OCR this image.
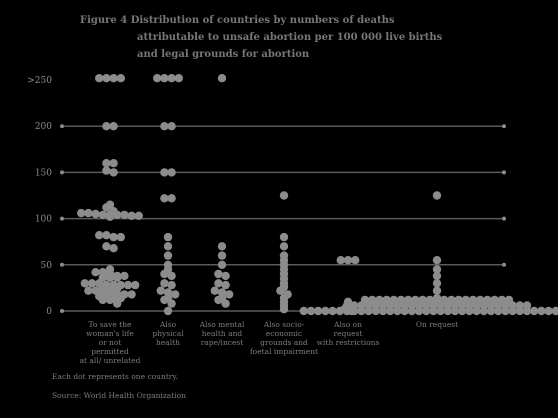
Figure 4 Distribution of countries by numbers of deaths
attributable to unsafe abortion per 100 000 live births
and legal grounds for abortion
0
50
100
150
200
>250
To save the
woman's life
or not
permitted
at all/ unrelated
Also
physical
health
Also mental
health and
rape/incest
Also socio-
economic
grounds and
foetal impairment
Also on
request
with restrictions
On request
Each dot represents one country.
Source: World Health Organization
